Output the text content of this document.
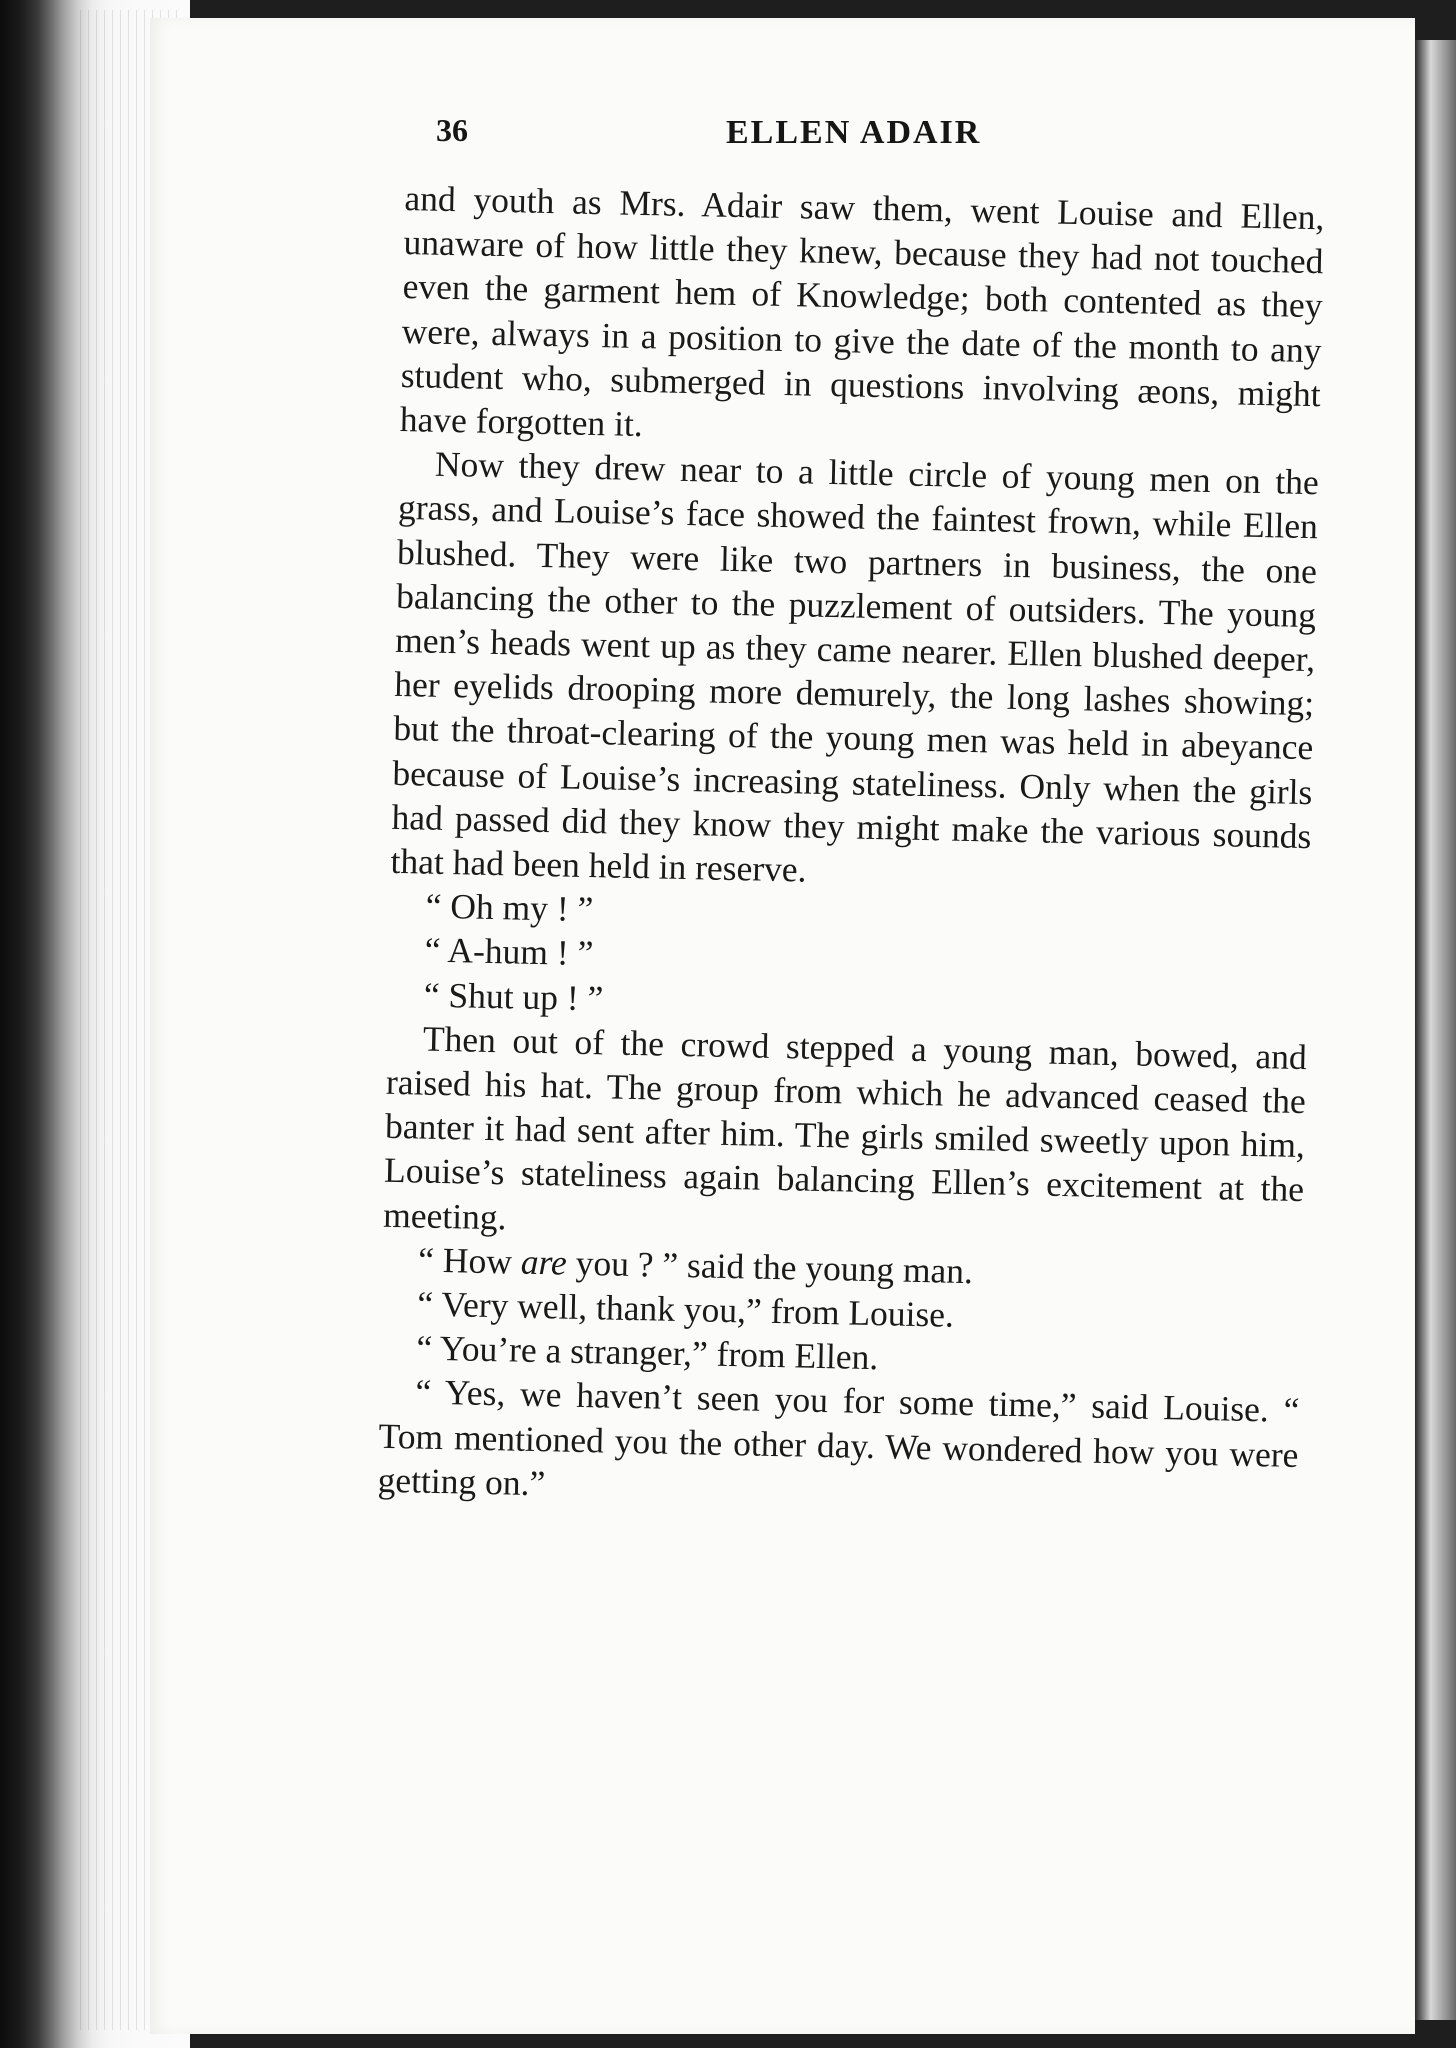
36	ELLEN ADAIR

and youth as Mrs. Adair saw them, went Louise and Ellen, unaware of how little they knew, because they had not touched even the garment hem of Knowledge; both contented as they were, always in a position to give the date of the month to any student who, submerged in questions involving æons, might have forgotten it.

Now they drew near to a little circle of young men on the grass, and Louise’s face showed the faintest frown, while Ellen blushed. They were like two partners in business, the one balancing the other to the puzzlement of outsiders. The young men’s heads went up as they came nearer. Ellen blushed deeper, her eyelids drooping more demurely, the long lashes showing; but the throat-clearing of the young men was held in abeyance because of Louise’s increasing stateliness. Only when the girls had passed did they know they might make the various sounds that had been held in reserve.

“ Oh my ! ”

“ A-hum ! ”

“ Shut up ! ”

Then out of the crowd stepped a young man, bowed, and raised his hat. The group from which he advanced ceased the banter it had sent after him. The girls smiled sweetly upon him, Louise’s stateliness again balancing Ellen’s excitement at the meeting.

“ How are you ? ” said the young man.

“ Very well, thank you,” from Louise.

“ You’re a stranger,” from Ellen.

“ Yes, we haven’t seen you for some time,” said Louise. “ Tom mentioned you the other day. We wondered how you were getting on.”
